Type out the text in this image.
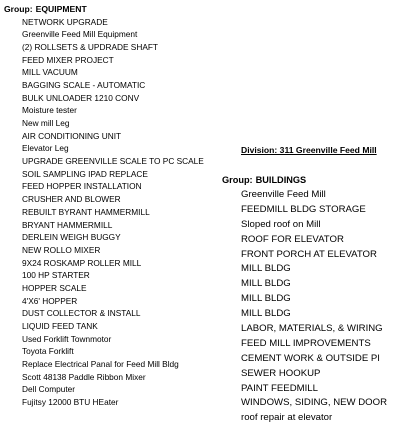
Group: EQUIPMENT
NETWORK UPGRADE
Greenville Feed Mill Equipment
(2) ROLLSETS & UPDRADE SHAFT
FEED MIXER PROJECT
MILL VACUUM
BAGGING SCALE - AUTOMATIC
BULK UNLOADER 1210 CONV
Moisture tester
New mill Leg
AIR CONDITIONING UNIT
Elevator Leg
UPGRADE GREENVILLE SCALE TO PC SCALE
SOIL SAMPLING IPAD REPLACE
FEED HOPPER INSTALLATION
CRUSHER AND BLOWER
REBUILT BYRANT HAMMERMILL
BRYANT HAMMERMILL
DERLEIN WEIGH BUGGY
NEW ROLLO MIXER
9X24 ROSKAMP ROLLER MILL
100 HP STARTER
HOPPER SCALE
4'X6' HOPPER
DUST COLLECTOR & INSTALL
LIQUID FEED TANK
Used Forklift Townmotor
Toyota Forklift
Replace Electrical Panal for Feed Mill Bldg
Scott 48138 Paddle Ribbon Mixer
Dell Computer
Fujitsy 12000 BTU HEater
Division: 311 Greenville Feed Mill
Group: BUILDINGS
Greenville Feed Mill
FEEDMILL BLDG STORAGE
Sloped roof on Mill
ROOF FOR ELEVATOR
FRONT PORCH AT ELEVATOR
MILL BLDG
MILL BLDG
MILL BLDG
MILL BLDG
LABOR, MATERIALS, & WIRING
FEED MILL IMPROVEMENTS
CEMENT WORK & OUTSIDE PI
SEWER HOOKUP
PAINT FEEDMILL
WINDOWS, SIDING, NEW DOOR
roof repair at elevator
